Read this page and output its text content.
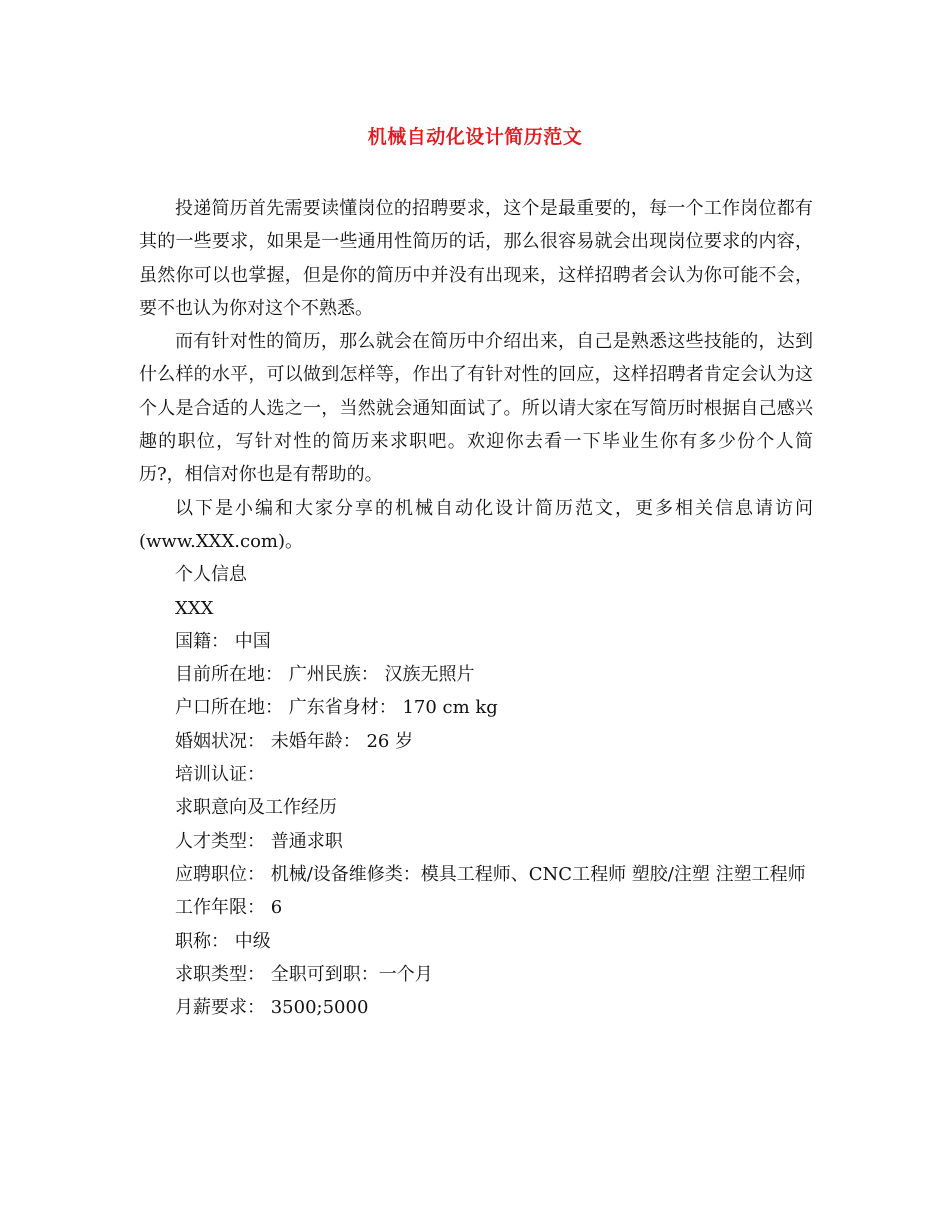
机械自动化设计简历范文

投递简历首先需要读懂岗位的招聘要求，这个是最重要的，每一个工作岗位都有其的一些要求，如果是一些通用性简历的话，那么很容易就会出现岗位要求的内容，虽然你可以也掌握，但是你的简历中并没有出现来，这样招聘者会认为你可能不会，要不也认为你对这个不熟悉。

而有针对性的简历，那么就会在简历中介绍出来，自己是熟悉这些技能的，达到什么样的水平，可以做到怎样等，作出了有针对性的回应，这样招聘者肯定会认为这个人是合适的人选之一，当然就会通知面试了。所以请大家在写简历时根据自己感兴趣的职位，写针对性的简历来求职吧。欢迎你去看一下毕业生你有多少份个人简历?，相信对你也是有帮助的。

以下是小编和大家分享的机械自动化设计简历范文，更多相关信息请访问(www.XXX.com)。

个人信息

XXX

国籍： 中国

目前所在地： 广州民族： 汉族无照片

户口所在地： 广东省身材： 170 cm kg

婚姻状况： 未婚年龄： 26 岁

培训认证：

求职意向及工作经历

人才类型： 普通求职

应聘职位： 机械/设备维修类：模具工程师、CNC工程师 塑胶/注塑 注塑工程师

工作年限： 6

职称： 中级

求职类型： 全职可到职：一个月

月薪要求： 3500;5000
